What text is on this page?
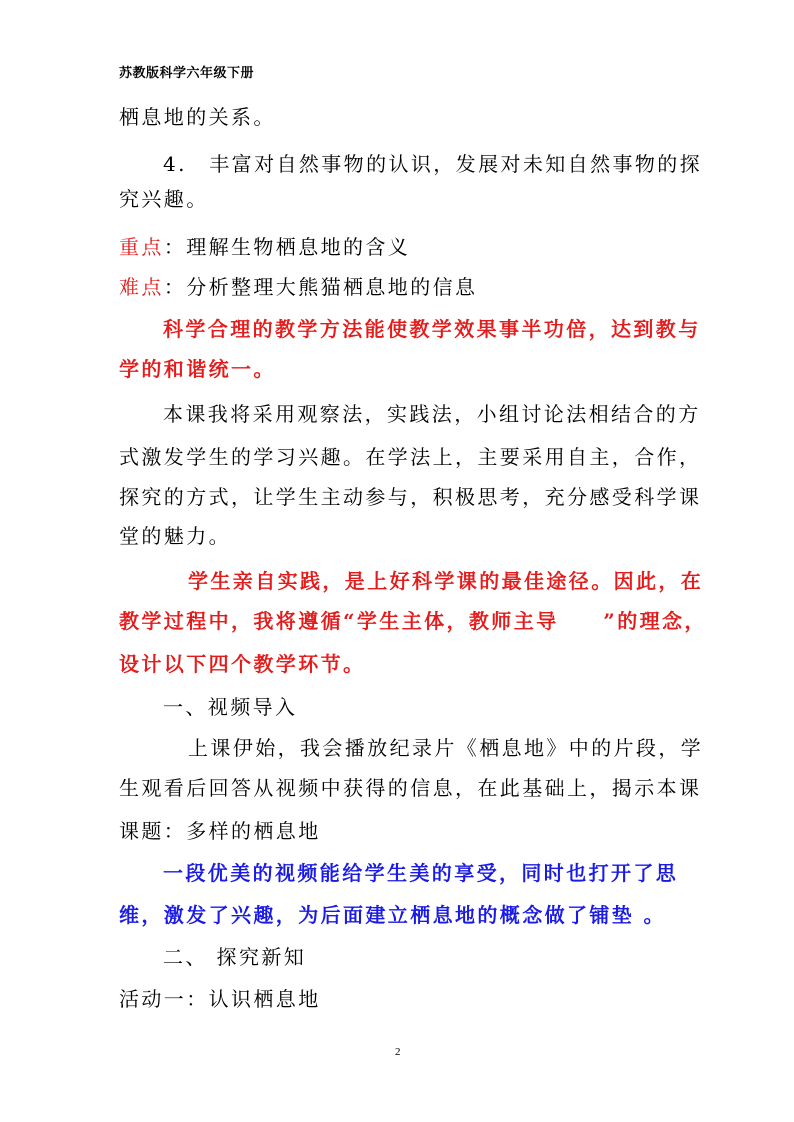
苏教版科学六年级下册
栖息地的关系。
4.　丰富对自然事物的认识，发展对未知自然事物的探
究兴趣。
重点：理解生物栖息地的含义
难点：分析整理大熊猫栖息地的信息
科学合理的教学方法能使教学效果事半功倍，达到教与
学的和谐统一。
本课我将采用观察法，实践法，小组讨论法相结合的方
式激发学生的学习兴趣。在学法上，主要采用自主，合作，
探究的方式，让学生主动参与，积极思考，充分感受科学课
堂的魅力。
学生亲自实践，是上好科学课的最佳途径。因此，在
教学过程中，我将遵循“学生主体，教师主导　　”的理念，
设计以下四个教学环节。
一、视频导入
上课伊始，我会播放纪录片《栖息地》中的片段，学
生观看后回答从视频中获得的信息，在此基础上，揭示本课
课题：多样的栖息地
一段优美的视频能给学生美的享受，同时也打开了思
维，激发了兴趣，为后面建立栖息地的概念做了铺垫 。
二、 探究新知
活动一：认识栖息地
2
